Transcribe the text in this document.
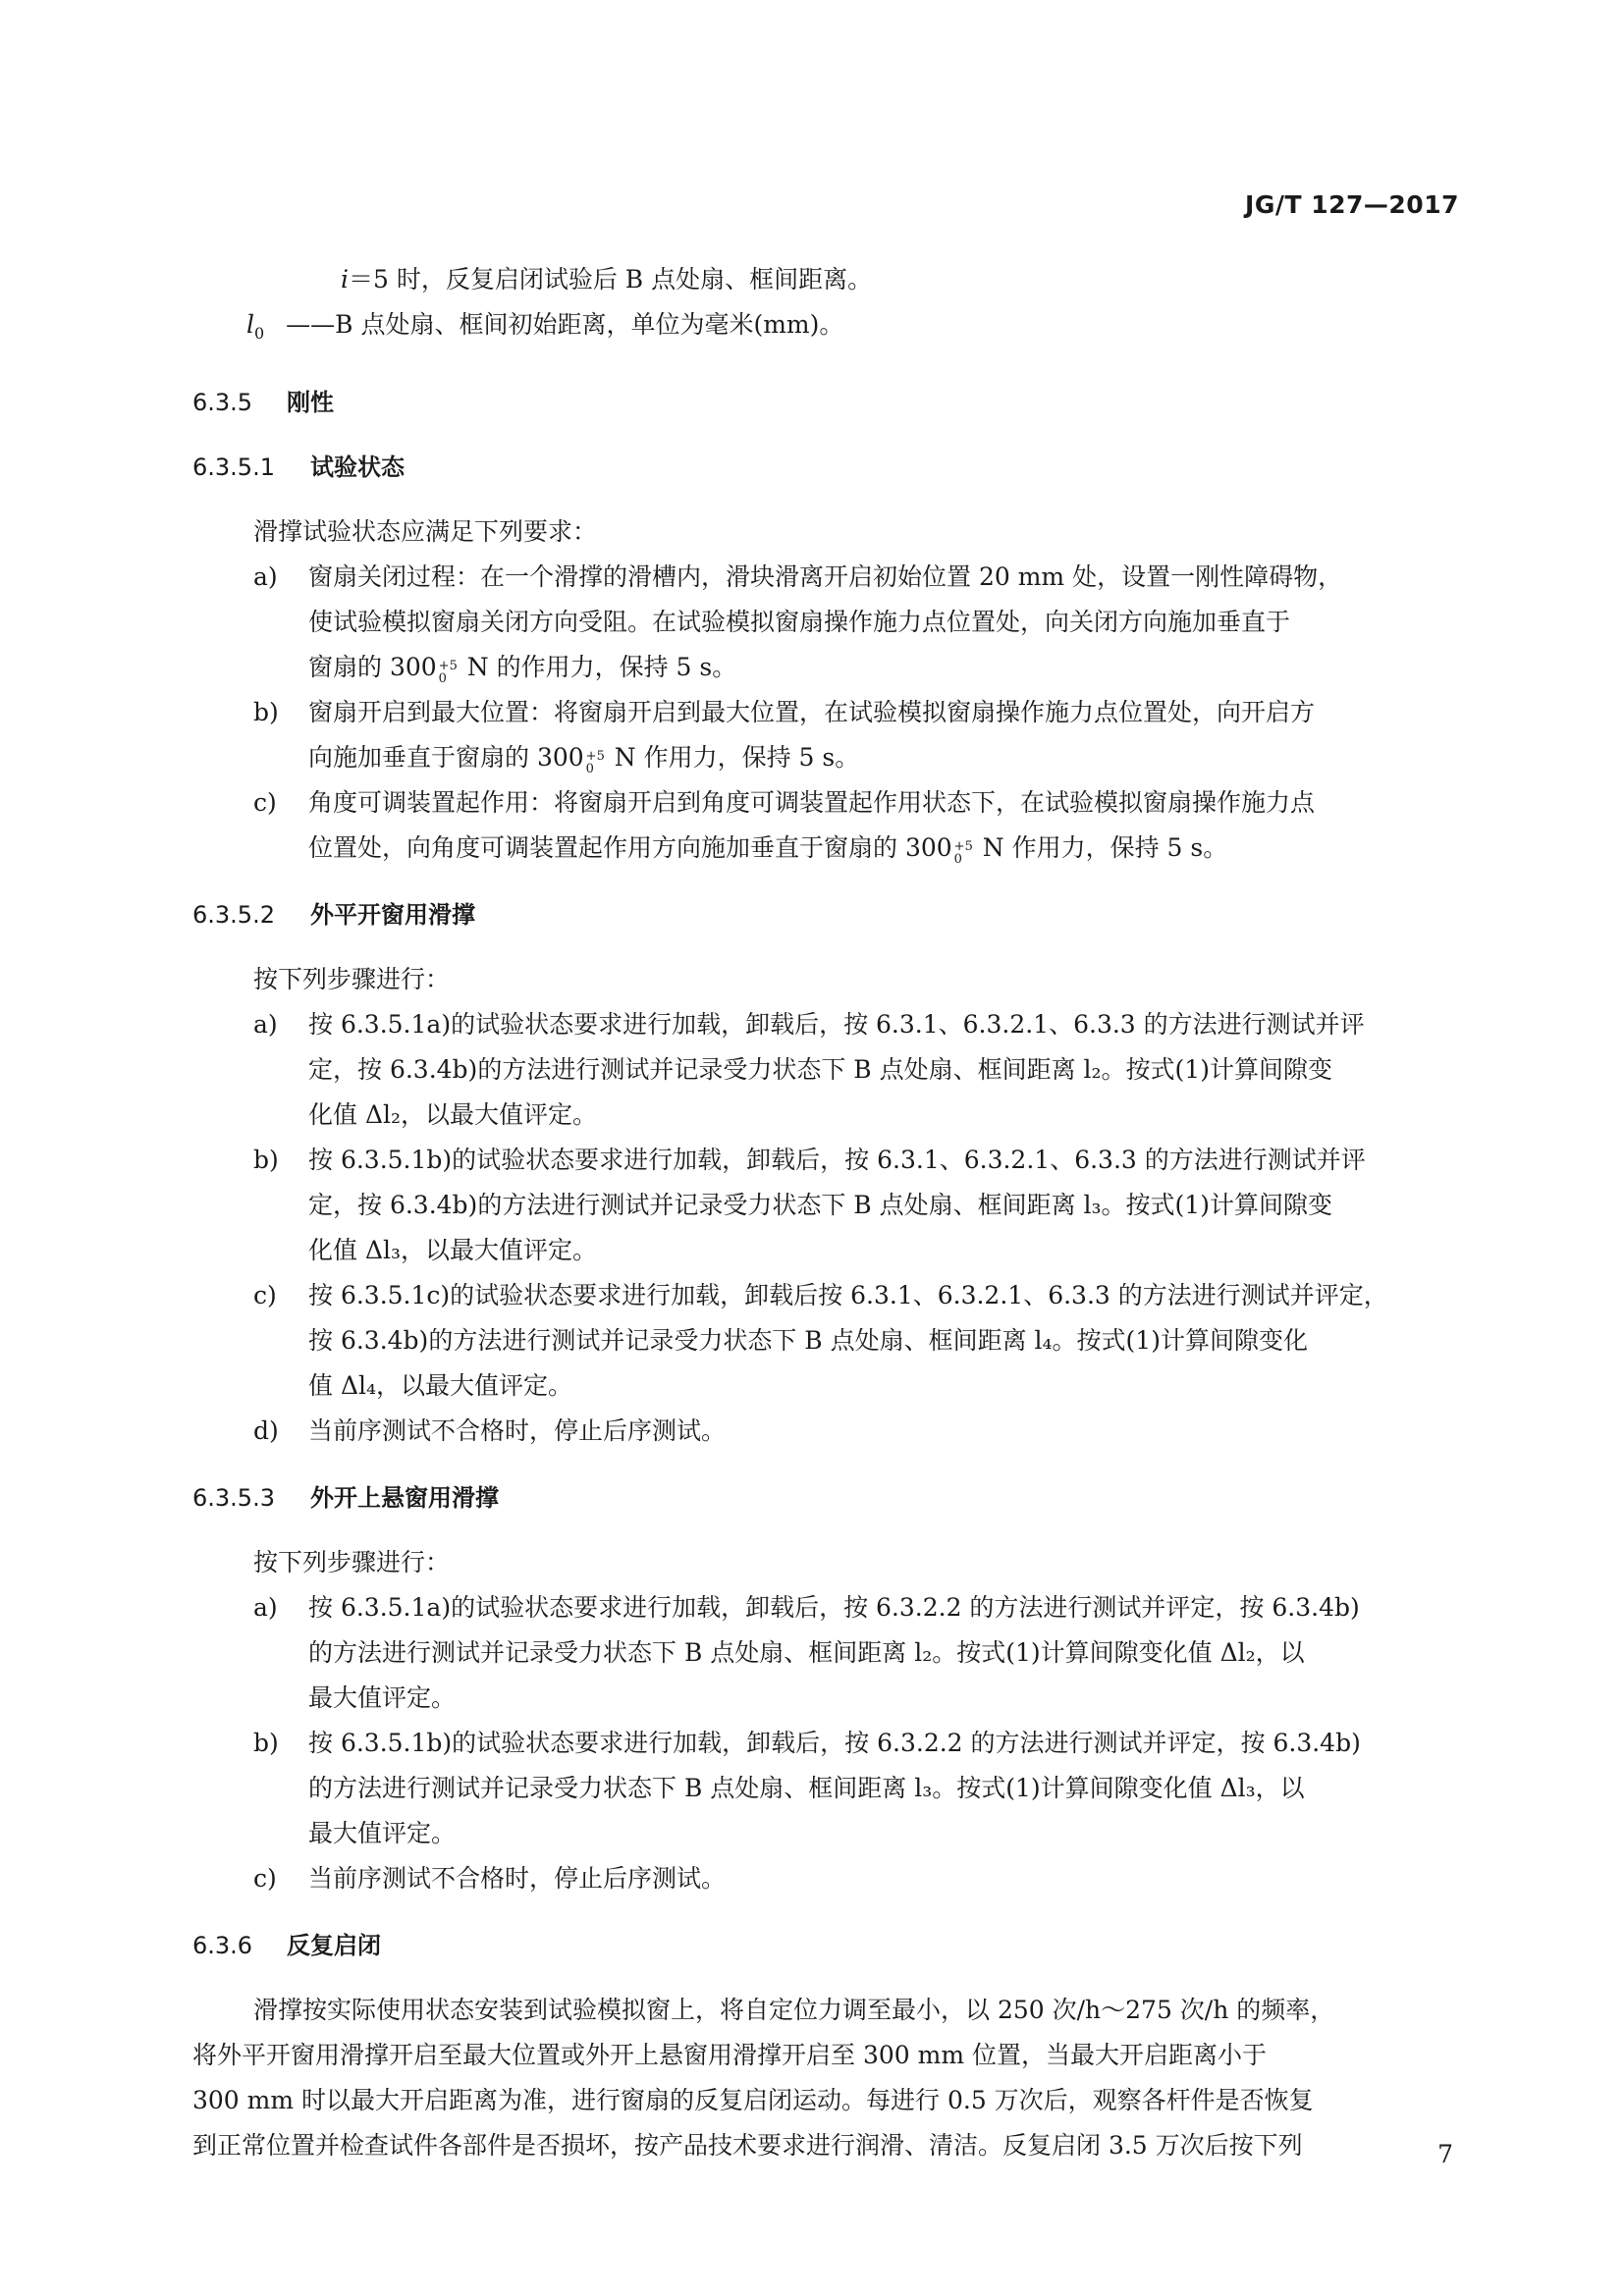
JG/T 127—2017
i＝5 时，反复启闭试验后 B 点处扇、框间距离。
$l_0$ ——B 点处扇、框间初始距离，单位为毫米(mm)。
6.3.5 刚性
6.3.5.1 试验状态
滑撑试验状态应满足下列要求：
a) 窗扇关闭过程：在一个滑撑的滑槽内，滑块滑离开启初始位置 20 mm 处，设置一刚性障碍物，
使试验模拟窗扇关闭方向受阻。在试验模拟窗扇操作施力点位置处，向关闭方向施加垂直于
窗扇的 300 +5
0 N 的作用力，保持 5 s。
b) 窗扇开启到最大位置：将窗扇开启到最大位置，在试验模拟窗扇操作施力点位置处，向开启方
向施加垂直于窗扇的 300 +5
0 N 作用力，保持 5 s。
c) 角度可调装置起作用：将窗扇开启到角度可调装置起作用状态下，在试验模拟窗扇操作施力点
位置处，向角度可调装置起作用方向施加垂直于窗扇的 300 +5
0 N 作用力，保持 5 s。
6.3.5.2 外平开窗用滑撑
按下列步骤进行：
a) 按 6.3.5.1a)的试验状态要求进行加载，卸载后，按 6.3.1、6.3.2.1、6.3.3 的方法进行测试并评
定，按 6.3.4b)的方法进行测试并记录受力状态下 B 点处扇、框间距离 l₂。按式(1)计算间隙变
化值 Δl₂，以最大值评定。
b) 按 6.3.5.1b)的试验状态要求进行加载，卸载后，按 6.3.1、6.3.2.1、6.3.3 的方法进行测试并评
定，按 6.3.4b)的方法进行测试并记录受力状态下 B 点处扇、框间距离 l₃。按式(1)计算间隙变
化值 Δl₃，以最大值评定。
c) 按 6.3.5.1c)的试验状态要求进行加载，卸载后按 6.3.1、6.3.2.1、6.3.3 的方法进行测试并评定，
按 6.3.4b)的方法进行测试并记录受力状态下 B 点处扇、框间距离 l₄。按式(1)计算间隙变化
值 Δl₄，以最大值评定。
d) 当前序测试不合格时，停止后序测试。
6.3.5.3 外开上悬窗用滑撑
按下列步骤进行：
a) 按 6.3.5.1a)的试验状态要求进行加载，卸载后，按 6.3.2.2 的方法进行测试并评定，按 6.3.4b)
的方法进行测试并记录受力状态下 B 点处扇、框间距离 l₂。按式(1)计算间隙变化值 Δl₂，以
最大值评定。
b) 按 6.3.5.1b)的试验状态要求进行加载，卸载后，按 6.3.2.2 的方法进行测试并评定，按 6.3.4b)
的方法进行测试并记录受力状态下 B 点处扇、框间距离 l₃。按式(1)计算间隙变化值 Δl₃，以
最大值评定。
c) 当前序测试不合格时，停止后序测试。
6.3.6 反复启闭
滑撑按实际使用状态安装到试验模拟窗上，将自定位力调至最小，以 250 次/h～275 次/h 的频率，
将外平开窗用滑撑开启至最大位置或外开上悬窗用滑撑开启至 300 mm 位置，当最大开启距离小于
300 mm 时以最大开启距离为准，进行窗扇的反复启闭运动。每进行 0.5 万次后，观察各杆件是否恢复
到正常位置并检查试件各部件是否损坏，按产品技术要求进行润滑、清洁。反复启闭 3.5 万次后按下列	7
